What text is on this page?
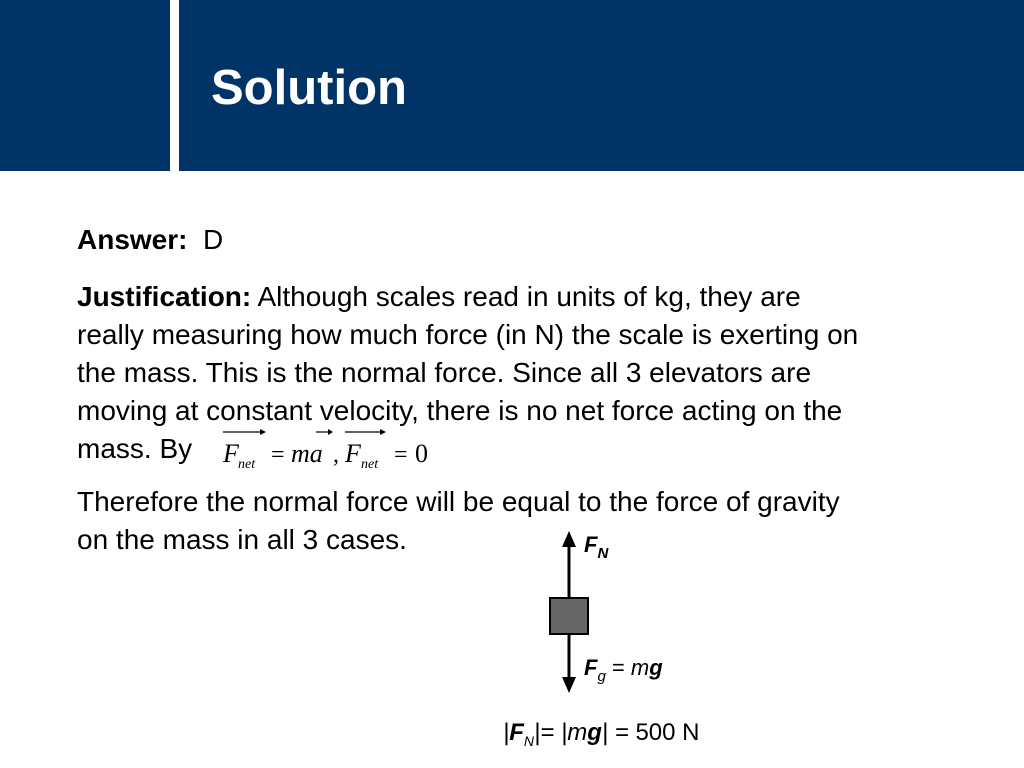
Solution
Answer: D
Justification: Although scales read in units of kg, they are
really measuring how much force (in N) the scale is exerting on
the mass. This is the normal force. Since all 3 elevators are
moving at constant velocity, there is no net force acting on the
mass. By	F net = ma , F net = 0
Therefore the normal force will be equal to the force of gravity
on the mass in all 3 cases.	$F_N$
$F_g$ = mg
$|F_N|= |mg| = 500$ N
